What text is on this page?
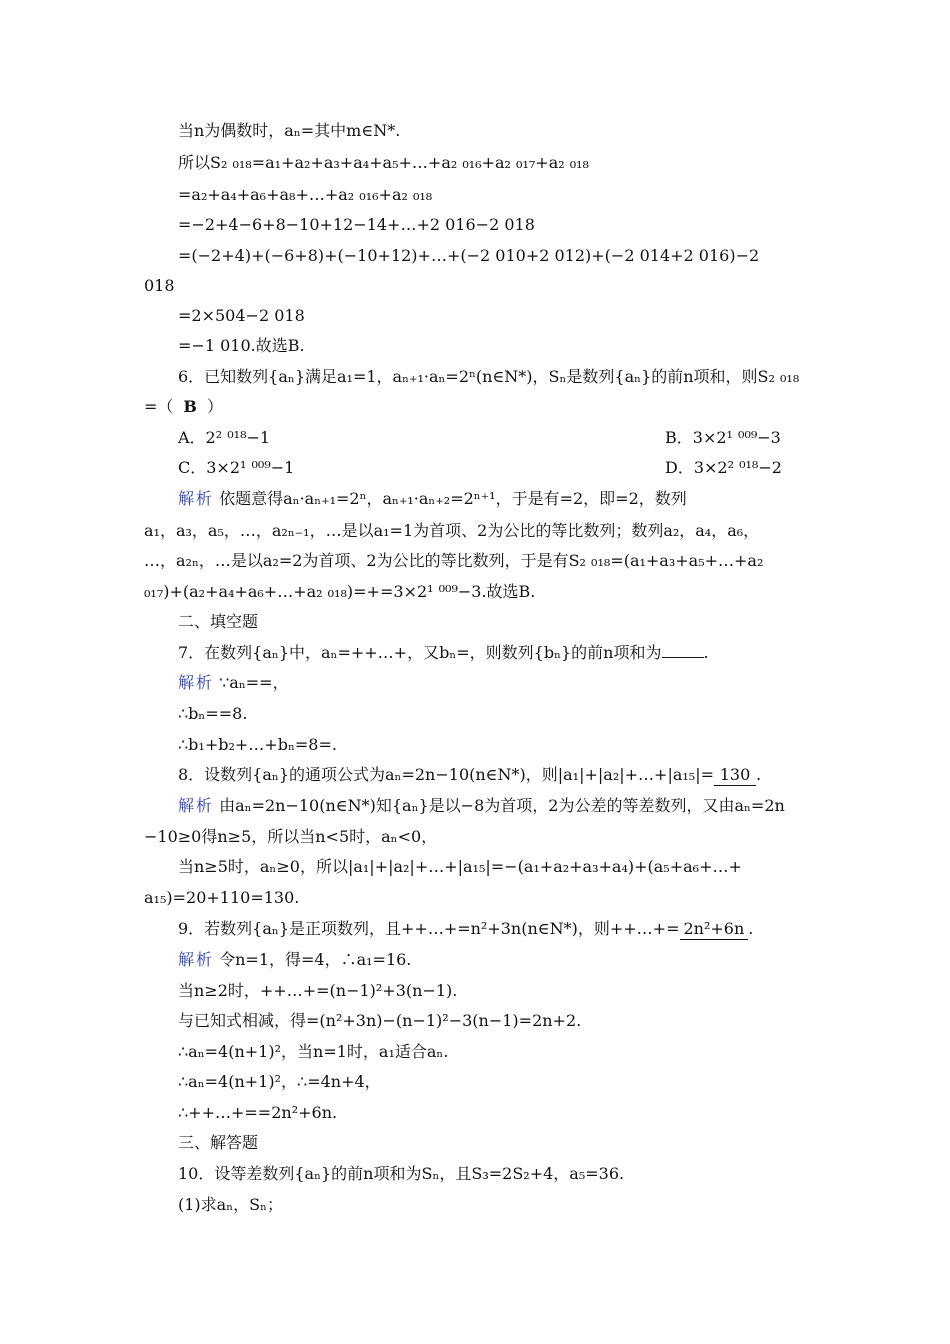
当n为偶数时，aₙ=其中m∈N*.
所以S₂ ₀₁₈=a₁+a₂+a₃+a₄+a₅+…+a₂ ₀₁₆+a₂ ₀₁₇+a₂ ₀₁₈
=a₂+a₄+a₆+a₈+…+a₂ ₀₁₆+a₂ ₀₁₈
=−2+4−6+8−10+12−14+…+2 016−2 018
=(−2+4)+(−6+8)+(−10+12)+…+(−2 010+2 012)+(−2 014+2 016)−2
018
=2×504−2 018
=−1 010.故选B.
6．已知数列{aₙ}满足a₁=1，aₙ₊₁·aₙ=2ⁿ(n∈N*)，Sₙ是数列{aₙ}的前n项和，则S₂ ₀₁₈
=（ B ）
A．2² ⁰¹⁸−1	B．3×2¹ ⁰⁰⁹−3
C．3×2¹ ⁰⁰⁹−1	D．3×2² ⁰¹⁸−2
解析 依题意得aₙ·aₙ₊₁=2ⁿ，aₙ₊₁·aₙ₊₂=2ⁿ⁺¹，于是有=2，即=2，数列
a₁，a₃，a₅，…，a₂ₙ₋₁，…是以a₁=1为首项、2为公比的等比数列；数列a₂，a₄，a₆，
…，a₂ₙ，…是以a₂=2为首项、2为公比的等比数列，于是有S₂ ₀₁₈=(a₁+a₃+a₅+…+a₂
₀₁₇)+(a₂+a₄+a₆+…+a₂ ₀₁₈)=+=3×2¹ ⁰⁰⁹−3.故选B.
二、填空题
7．在数列{aₙ}中，aₙ=++…+，又bₙ=，则数列{bₙ}的前n项和为	.
解析 ∵aₙ==，
∴bₙ==8.
∴b₁+b₂+…+bₙ=8=.
8．设数列{aₙ}的通项公式为aₙ=2n−10(n∈N*)，则|a₁|+|a₂|+…+|a₁₅|= 130 .
解析 由aₙ=2n−10(n∈N*)知{aₙ}是以−8为首项，2为公差的等差数列，又由aₙ=2n
−10≥0得n≥5，所以当n<5时，aₙ<0，
当n≥5时，aₙ≥0，所以|a₁|+|a₂|+…+|a₁₅|=−(a₁+a₂+a₃+a₄)+(a₅+a₆+…+
a₁₅)=20+110=130.
9．若数列{aₙ}是正项数列，且++…+=n²+3n(n∈N*)，则++…+= 2n²+6n .
解析 令n=1，得=4，∴a₁=16.
当n≥2时，++…+=(n−1)²+3(n−1).
与已知式相减，得=(n²+3n)−(n−1)²−3(n−1)=2n+2.
∴aₙ=4(n+1)²，当n=1时，a₁适合aₙ.
∴aₙ=4(n+1)²，∴=4n+4，
∴++…+==2n²+6n.
三、解答题
10．设等差数列{aₙ}的前n项和为Sₙ，且S₃=2S₂+4，a₅=36.
(1)求aₙ，Sₙ；
